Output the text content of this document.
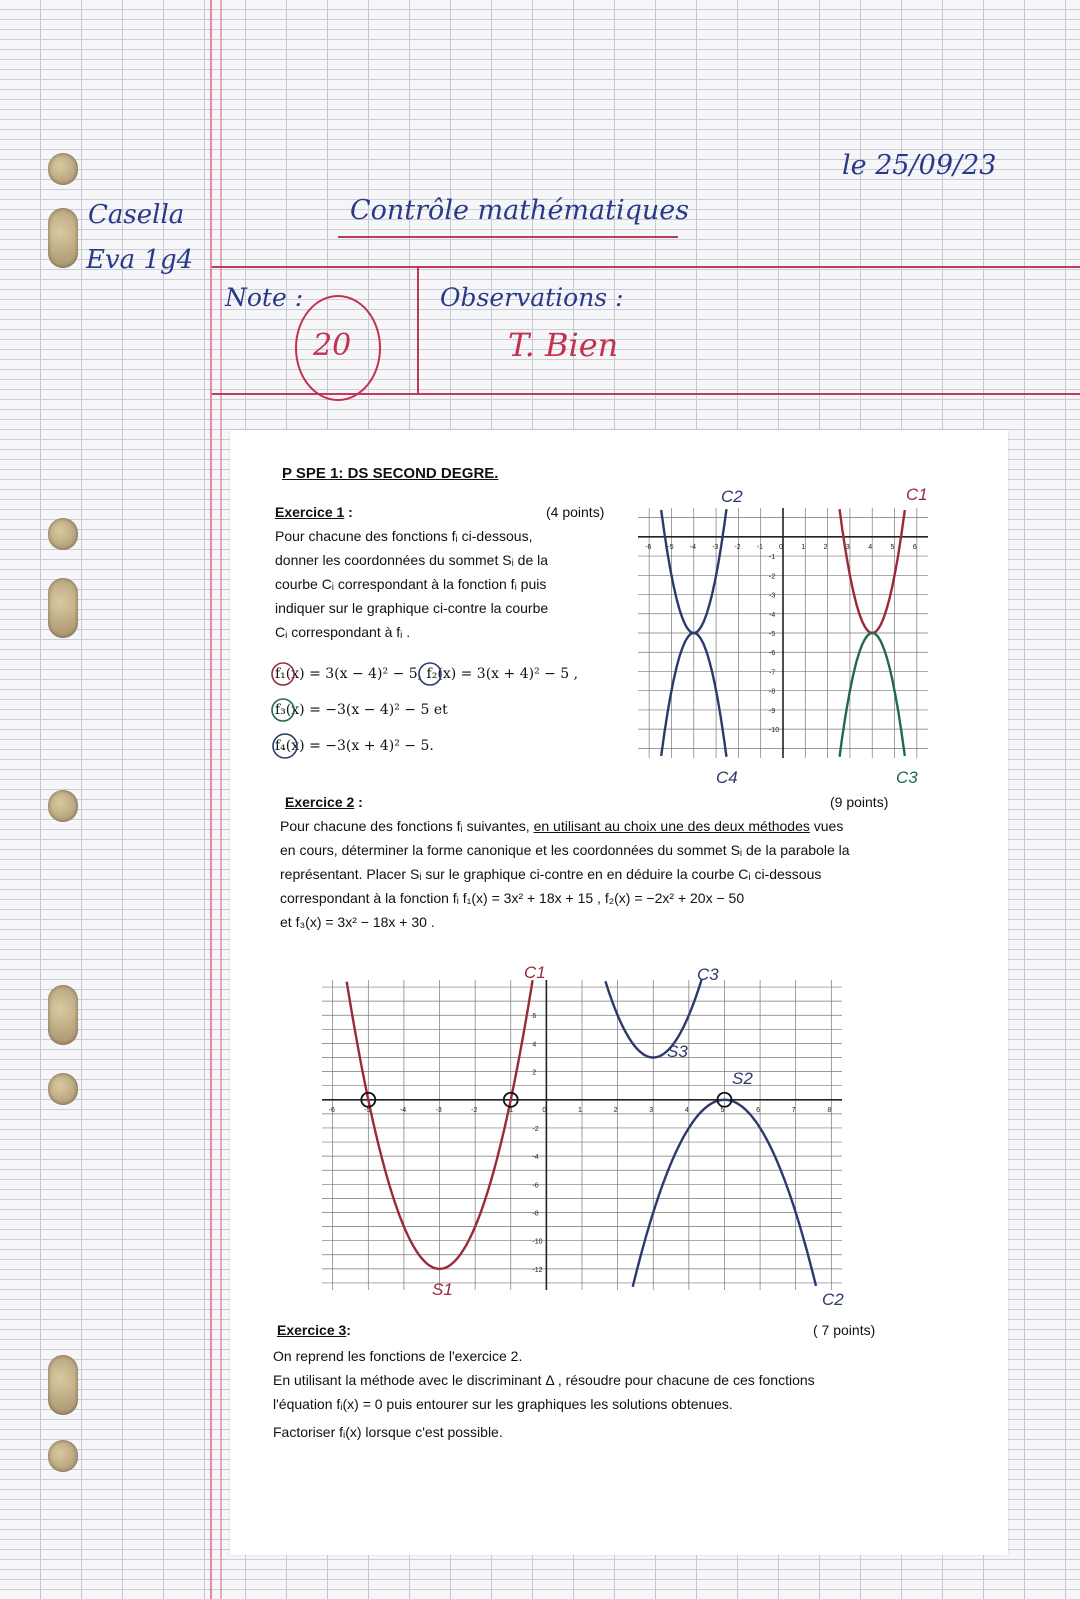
Casella
Eva 1g4
Contrôle mathématiques
le 25/09/23
Note :	Observations :
20	T. Bien
P SPE 1: DS SECOND DEGRE.
Exercice 1 :	(4 points)
Pour chacune des fonctions fᵢ ci-dessous,
donner les coordonnées du sommet Sᵢ de la
courbe Cᵢ correspondant à la fonction fᵢ puis
indiquer sur le graphique ci-contre la courbe
Cᵢ correspondant à fᵢ .
f₁(x) = 3(x − 4)² − 5, f₂(x) = 3(x + 4)² − 5 ,
f₃(x) = −3(x − 4)² − 5 et
f₄(x) = −3(x + 4)² − 5.
-6 -5 -4 -3 -2 -1 0	1	2	3	4	5	6
-1
-2
-3
-4
-5
-6
-7
-8
-9
-10
C2	C1
C4	C3
Exercice 2 :	(9 points)
Pour chacune des fonctions fᵢ suivantes, en utilisant au choix une des deux méthodes vues
en cours, déterminer la forme canonique et les coordonnées du sommet Sᵢ de la parabole la
représentant. Placer Sᵢ sur le graphique ci-contre en en déduire la courbe Cᵢ ci-dessous
correspondant à la fonction fᵢ f₁(x) = 3x² + 18x + 15 , f₂(x) = −2x² + 20x − 50
et f₃(x) = 3x² − 18x + 30 .
-6	-5	-4	-3	-2	-1	0	1	2	3	4	5	6	7	8
6
4
2
-2
-4
-6
-8
-10
-12
C1	C3
S3
S2
S1
C2
Exercice 3:	( 7 points)
On reprend les fonctions de l'exercice 2.
En utilisant la méthode avec le discriminant Δ , résoudre pour chacune de ces fonctions
l'équation fᵢ(x) = 0 puis entourer sur les graphiques les solutions obtenues.
Factoriser fᵢ(x) lorsque c'est possible.
